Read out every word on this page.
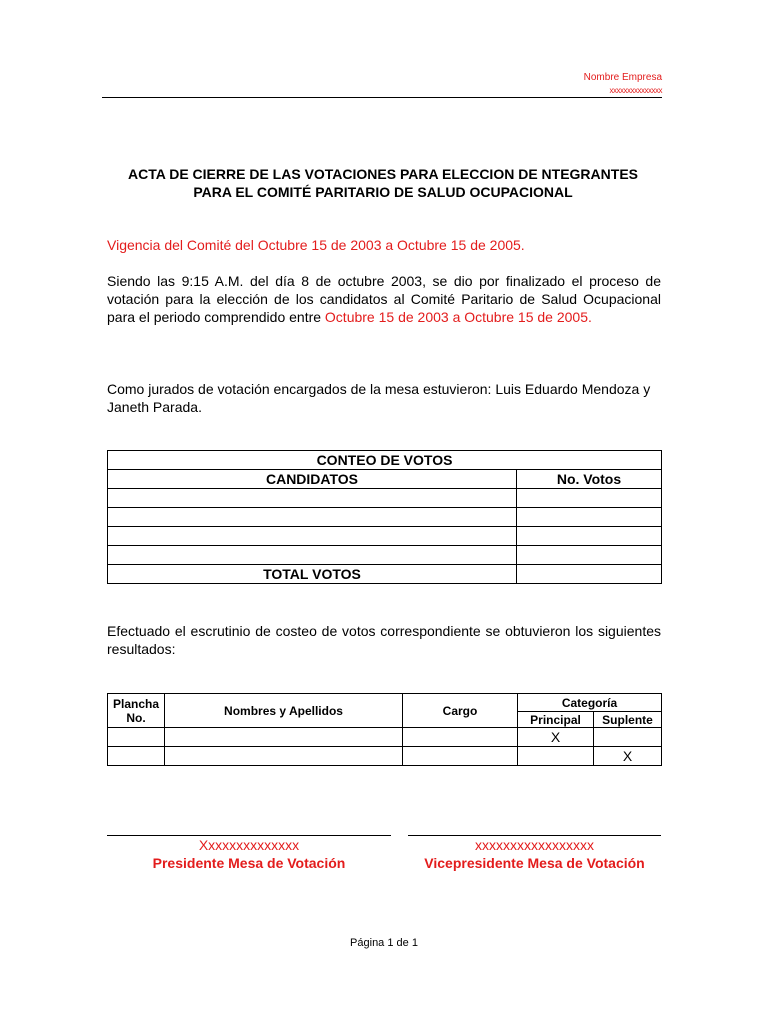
Nombre Empresa
xxxxxxxxxxxxxxx
ACTA DE CIERRE DE LAS VOTACIONES PARA ELECCION DE NTEGRANTES
PARA EL COMITÉ PARITARIO DE SALUD OCUPACIONAL
Vigencia del Comité del Octubre 15 de 2003 a Octubre 15 de 2005.
Siendo las 9:15 A.M. del día 8 de octubre 2003, se dio por finalizado el proceso de votación para la elección de los candidatos al Comité Paritario de Salud Ocupacional para el periodo comprendido entre Octubre 15 de 2003 a Octubre 15 de 2005.
Como jurados de votación encargados de la mesa estuvieron: Luis Eduardo Mendoza y Janeth Parada.
CONTEO DE VOTOS	
CANDIDATOS	No. Votos

TOTAL VOTOS	
Efectuado el escrutinio de costeo de votos correspondiente se obtuvieron los siguientes resultados:
Plancha No.	Nombres y Apellidos	Cargo	Categoría	
			Principal	Suplente
			X	
				X
Xxxxxxxxxxxxxx
Presidente Mesa de Votación
xxxxxxxxxxxxxxxxx
Vicepresidente Mesa de Votación
Página 1 de 1
